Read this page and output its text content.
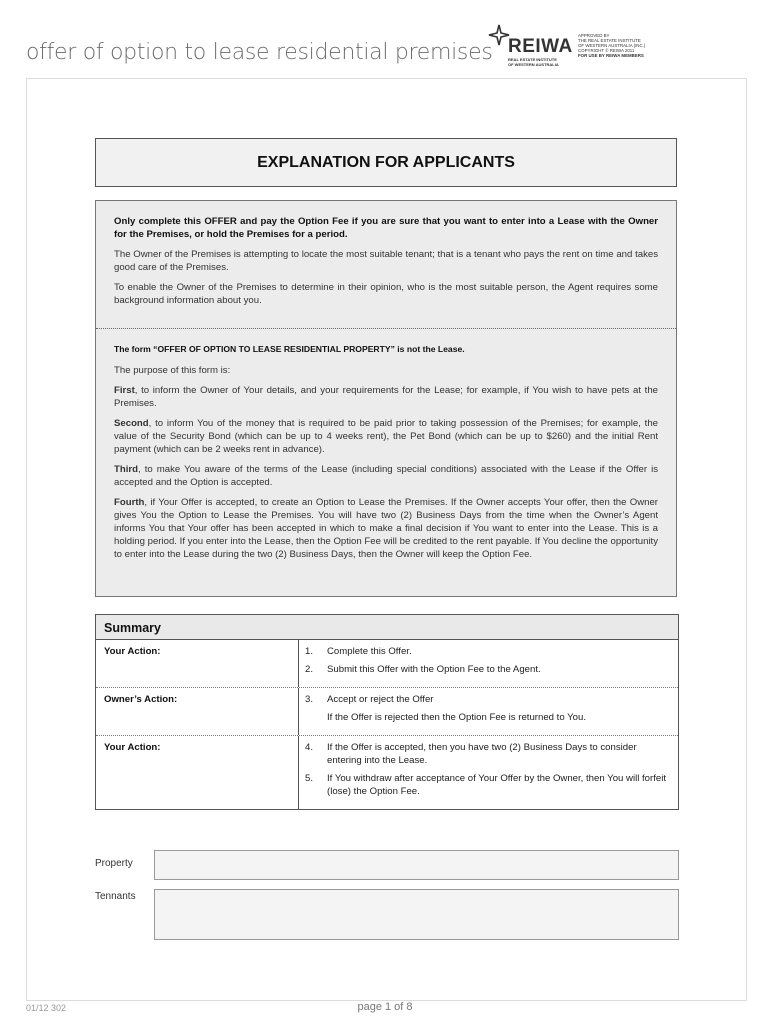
offer of option to lease residential premises REIWA
REAL ESTATE INSTITUTE
OF WESTERN AUSTRALIA
APPROVED BY
THE REAL ESTATE INSTITUTE
OF WESTERN AUSTRALIA (INC.)
COPYRIGHT © REIWA 2011
FOR USE BY REIWA MEMBERS
EXPLANATION FOR APPLICANTS

Only complete this OFFER and pay the Option Fee if you are sure that you want to enter into a Lease with the Owner for the Premises, or hold the Premises for a period.

The Owner of the Premises is attempting to locate the most suitable tenant; that is a tenant who pays the rent on time and takes good care of the Premises.

To enable the Owner of the Premises to determine in their opinion, who is the most suitable person, the Agent requires some background information about you.

The form “OFFER OF OPTION TO LEASE RESIDENTIAL PROPERTY” is not the Lease.

The purpose of this form is:

First, to inform the Owner of Your details, and your requirements for the Lease; for example, if You wish to have pets at the Premises.

Second, to inform You of the money that is required to be paid prior to taking possession of the Premises; for example, the value of the Security Bond (which can be up to 4 weeks rent), the Pet Bond (which can be up to $260) and the initial Rent payment (which can be 2 weeks rent in advance).

Third, to make You aware of the terms of the Lease (including special conditions) associated with the Lease if the Offer is accepted and the Option is accepted.

Fourth, if Your Offer is accepted, to create an Option to Lease the Premises. If the Owner accepts Your offer, then the Owner gives You the Option to Lease the Premises. You will have two (2) Business Days from the time when the Owner’s Agent informs You that Your offer has been accepted in which to make a final decision if You want to enter into the Lease. This is a holding period. If you enter into the Lease, then the Option Fee will be credited to the rent payable. If You decline the opportunity to enter into the Lease during the two (2) Business Days, then the Owner will keep the Option Fee.

Summary
Your Action:	1.	Complete this Offer.
2.	Submit this Offer with the Option Fee to the Agent.
Owner’s Action:	3.	Accept or reject the Offer
If the Offer is rejected then the Option Fee is returned to You.
Your Action:	4.	If the Offer is accepted, then you have two (2) Business Days to consider entering into the Lease.
5.	If You withdraw after acceptance of Your Offer by the Owner, then You will forfeit (lose) the Option Fee.
Property
Tennants
01/12 302	page 1 of 8
